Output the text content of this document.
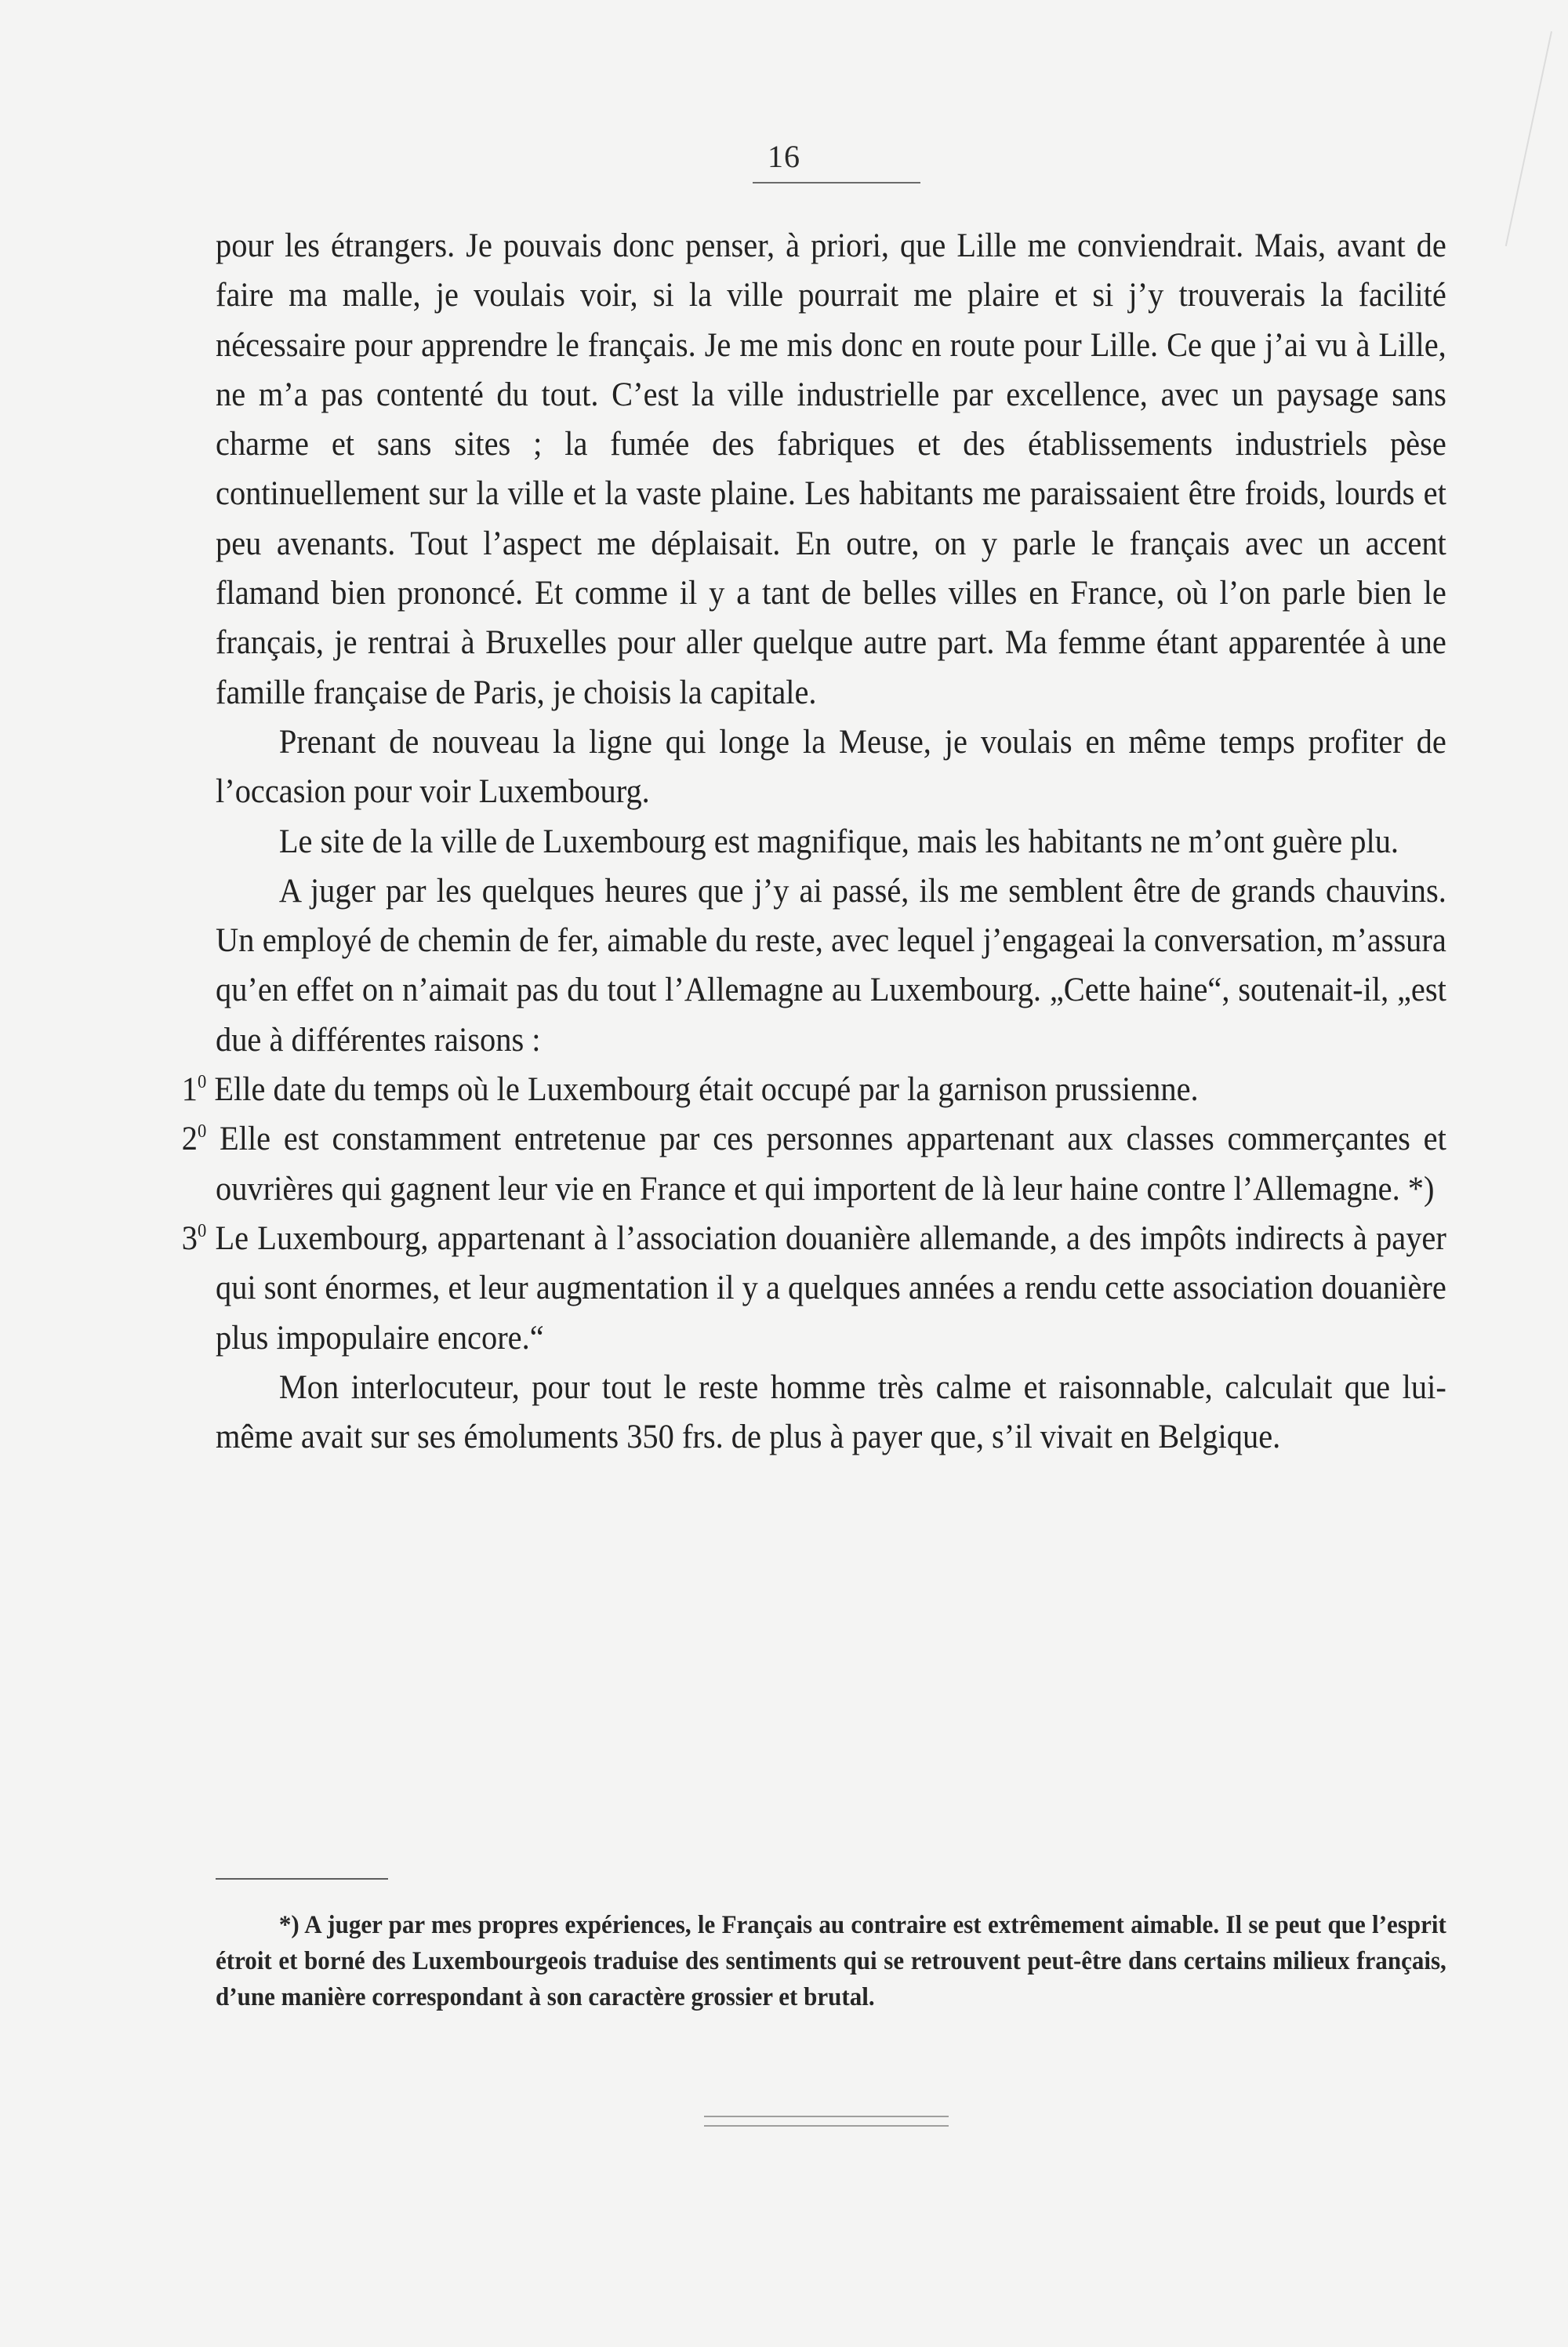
16

pour les étrangers. Je pouvais donc penser, à priori, que Lille me conviendrait. Mais, avant de faire ma malle, je voulais voir, si la ville pourrait me plaire et si j’y trouverais la facilité nécessaire pour apprendre le français. Je me mis donc en route pour Lille. Ce que j’ai vu à Lille, ne m’a pas contenté du tout. C’est la ville industrielle par excellence, avec un paysage sans charme et sans sites ; la fumée des fabriques et des établissements industriels pèse continuellement sur la ville et la vaste plaine. Les habitants me paraissaient être froids, lourds et peu avenants. Tout l’aspect me déplaisait. En outre, on y parle le français avec un accent flamand bien prononcé. Et comme il y a tant de belles villes en France, où l’on parle bien le français, je rentrai à Bruxelles pour aller quelque autre part. Ma femme étant apparentée à une famille française de Paris, je choisis la capitale.

Prenant de nouveau la ligne qui longe la Meuse, je voulais en même temps profiter de l’occasion pour voir Luxembourg.

Le site de la ville de Luxembourg est magnifique, mais les habitants ne m’ont guère plu.

A juger par les quelques heures que j’y ai passé, ils me semblent être de grands chauvins. Un employé de chemin de fer, aimable du reste, avec lequel j’engageai la conversation, m’assura qu’en effet on n’aimait pas du tout l’Allemagne au Luxembourg. „Cette haine“, soutenait-il, „est due à différentes raisons :

$1^0$ Elle date du temps où le Luxembourg était occupé par la garnison prussienne.

$2^0$ Elle est constamment entretenue par ces personnes appartenant aux classes commerçantes et ouvrières qui gagnent leur vie en France et qui importent de là leur haine contre l’Allemagne. *)

$3^0$ Le Luxembourg, appartenant à l’association douanière allemande, a des impôts indirects à payer qui sont énormes, et leur augmentation il y a quelques années a rendu cette association douanière plus impopulaire encore.“

Mon interlocuteur, pour tout le reste homme très calme et raisonnable, calculait que lui-même avait sur ses émoluments 350 frs. de plus à payer que, s’il vivait en Belgique.

*) A juger par mes propres expériences, le Français au contraire est extrêmement aimable. Il se peut que l’esprit étroit et borné des Luxembourgeois traduise des sentiments qui se retrouvent peut-être dans certains milieux français, d’une manière correspondant à son caractère grossier et brutal.
